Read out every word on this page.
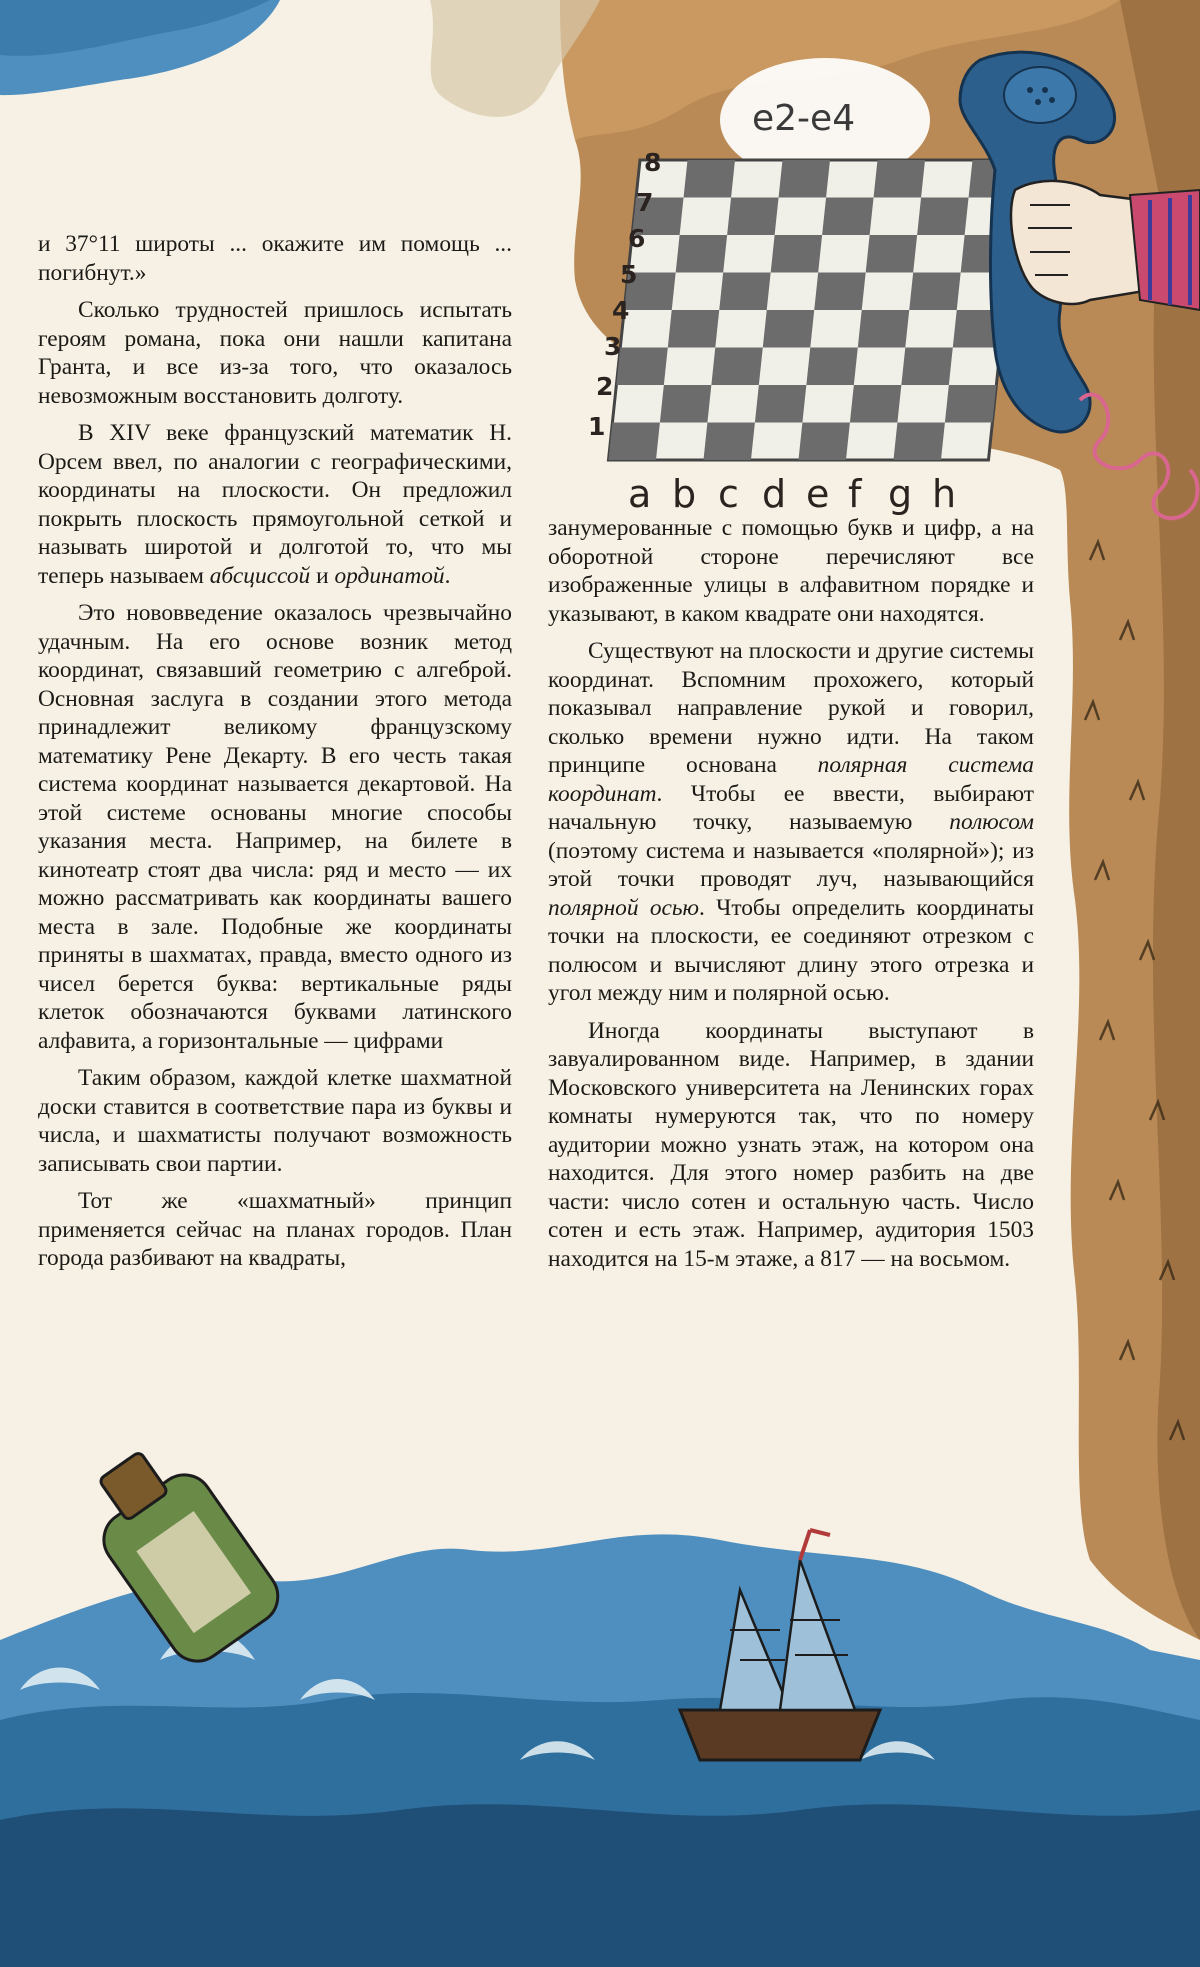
e2-e4
1
2
3
4
5
6
7
8
a b c d e f g h

и 37°11 широты ... окажите им помощь ... погибнут.»

Сколько трудностей пришлось испытать героям романа, пока они нашли капитана Гранта, и все из-за того, что оказалось невозможным восстановить долготу.

В XIV веке французский математик Н. Орсем ввел, по аналогии с географическими, координаты на плоскости. Он предложил покрыть плоскость прямоугольной сеткой и называть широтой и долготой то, что мы теперь называем абсциссой и ординатой.

Это нововведение оказалось чрезвычайно удачным. На его основе возник метод координат, связавший геометрию с алгеброй. Основная заслуга в создании этого метода принадлежит великому французскому математику Рене Декарту. В его честь такая система координат называется декартовой. На этой системе основаны многие способы указания места. Например, на билете в кинотеатр стоят два числа: ряд и место — их можно рассматривать как координаты вашего места в зале. Подобные же координаты приняты в шахматах, правда, вместо одного из чисел берется буква: вертикальные ряды клеток обозначаются буквами латинского алфавита, а горизонтальные — цифрами

Таким образом, каждой клетке шахматной доски ставится в соответствие пара из буквы и числа, и шахматисты получают возможность записывать свои партии.

Тот же «шахматный» принцип применяется сейчас на планах городов. План города разбивают на квадраты,

занумерованные с помощью букв и цифр, а на оборотной стороне перечисляют все изображенные улицы в алфавитном порядке и указывают, в каком квадрате они находятся.

Существуют на плоскости и другие системы координат. Вспомним прохожего, который показывал направление рукой и говорил, сколько времени нужно идти. На таком принципе основана полярная система координат. Чтобы ее ввести, выбирают начальную точку, называемую полюсом (поэтому система и называется «полярной»); из этой точки проводят луч, называющийся полярной осью. Чтобы определить координаты точки на плоскости, ее соединяют отрезком с полюсом и вычисляют длину этого отрезка и угол между ним и полярной осью.

Иногда координаты выступают в завуалированном виде. Например, в здании Московского университета на Ленинских горах комнаты нумеруются так, что по номеру аудитории можно узнать этаж, на котором она находится. Для этого номер разбить на две части: число сотен и остальную часть. Число сотен и есть этаж. Например, аудитория 1503 находится на 15-м этаже, а 817 — на восьмом.
